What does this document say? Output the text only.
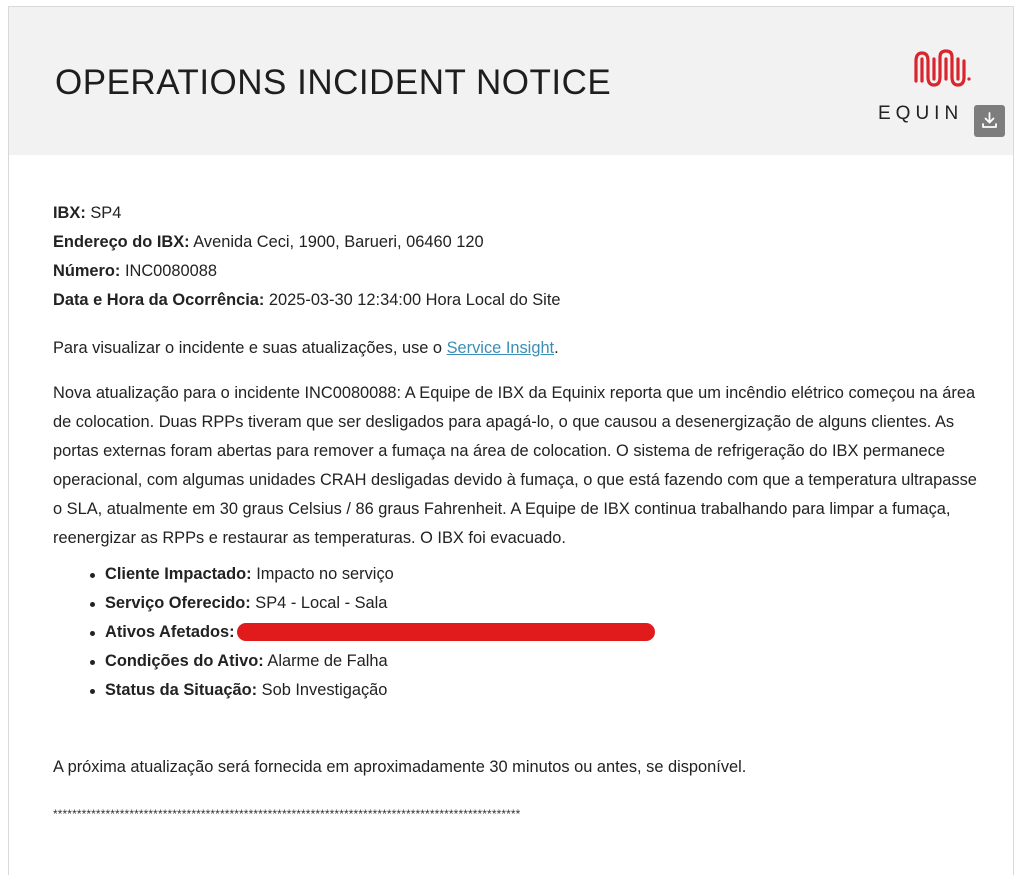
OPERATIONS INCIDENT NOTICE
EQUIN
IBX: SP4
Endereço do IBX: Avenida Ceci, 1900, Barueri, 06460 120
Número: INC0080088
Data e Hora da Ocorrência: 2025-03-30 12:34:00 Hora Local do Site

Para visualizar o incidente e suas atualizações, use o Service Insight.

Nova atualização para o incidente INC0080088: A Equipe de IBX da Equinix reporta que um incêndio elétrico começou na área de colocation. Duas RPPs tiveram que ser desligados para apagá-lo, o que causou a desenergização de alguns clientes. As portas externas foram abertas para remover a fumaça na área de colocation. O sistema de refrigeração do IBX permanece operacional, com algumas unidades CRAH desligadas devido à fumaça, o que está fazendo com que a temperatura ultrapasse o SLA, atualmente em 30 graus Celsius / 86 graus Fahrenheit. A Equipe de IBX continua trabalhando para limpar a fumaça, reenergizar as RPPs e restaurar as temperaturas. O IBX foi evacuado.

Cliente Impactado: Impacto no serviço
Serviço Oferecido: SP4 - Local - Sala
Ativos Afetados:
Condições do Ativo: Alarme de Falha
Status da Situação: Sob Investigação

A próxima atualização será fornecida em aproximadamente 30 minutos ou antes, se disponível.

**************************************************************************************************
